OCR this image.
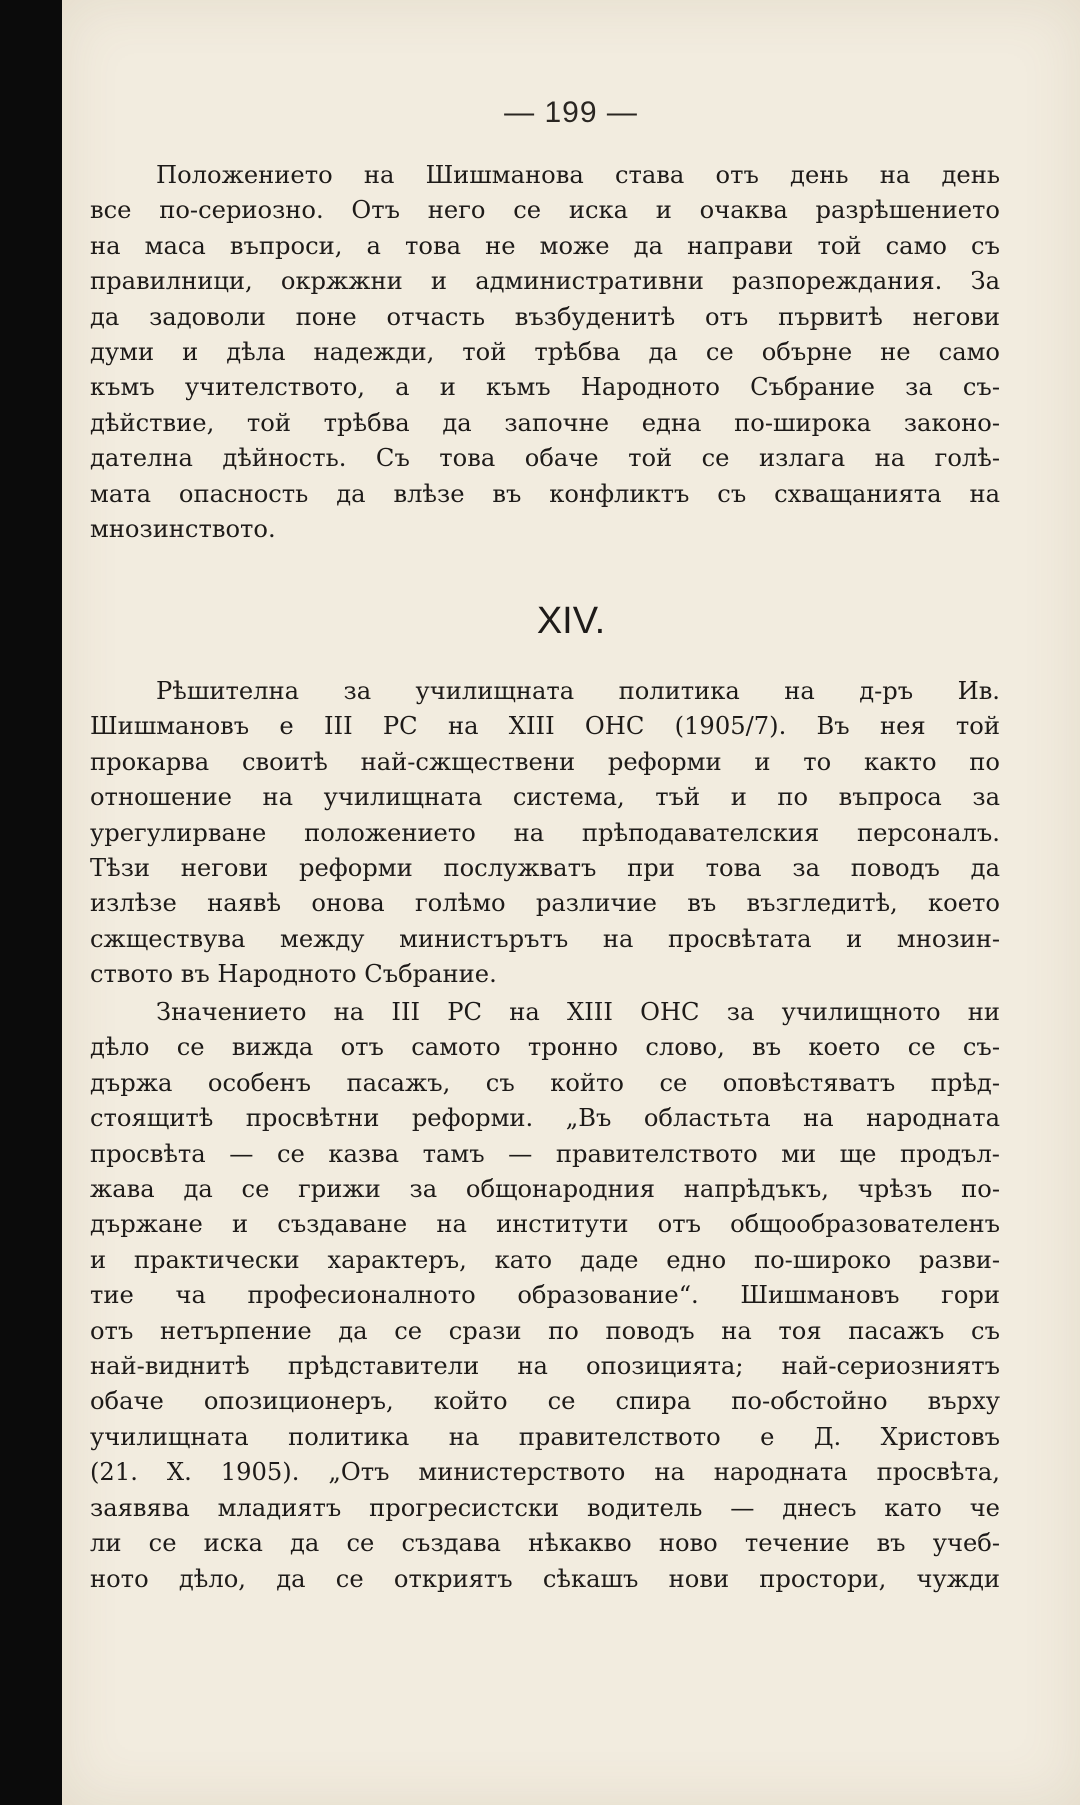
— 199 —
Положението на Шишманова става отъ день на день
все по-сериозно. Отъ него се иска и очаква разрѣшението
на маса въпроси, а това не може да направи той само съ
правилници, окржжни и административни разпореждания. За
да задоволи поне отчасть възбуденитѣ отъ първитѣ негови
думи и дѣла надежди, той трѣбва да се обърне не само
къмъ учителството, а и къмъ Народното Събрание за съ-
дѣйствие, той трѣбва да започне една по-широка законо-
дателна дѣйность. Съ това обаче той се излага на голѣ-
мата опасность да влѣзе въ конфликтъ съ схващанията на
мнозинството.
XIV.
Рѣшителна за училищната политика на д-ръ Ив.
Шишмановъ е III РС на XIII ОНС (1905/7). Въ нея той
прокарва своитѣ най-сжществени реформи и то както по
отношение на училищната система, тъй и по въпроса за
урегулирване положението на прѣподавателския персоналъ.
Тѣзи негови реформи послужватъ при това за поводъ да
излѣзе наявѣ онова голѣмо различие въ възгледитѣ, което
сжществува между министърътъ на просвѣтата и мнозин-
ството въ Народното Събрание.
Значението на III РС на XIII ОНС за училищното ни
дѣло се вижда отъ самото тронно слово, въ което се съ-
държа особенъ пасажъ, съ който се оповѣстяватъ прѣд-
стоящитѣ просвѣтни реформи. „Въ областьта на народната
просвѣта — се казва тамъ — правителството ми ще продъл-
жава да се грижи за общонародния напрѣдъкъ, чрѣзъ по-
държане и създаване на институти отъ общообразователенъ
и практически характеръ, като даде едно по-широко разви-
тие ча професионалното образование“. Шишмановъ гори
отъ нетърпение да се срази по поводъ на тоя пасажъ съ
най-виднитѣ прѣдставители на опозицията; най-сериозниятъ
обаче опозиционеръ, който се спира по-обстойно върху
училищната политика на правителството е Д. Христовъ
(21. X. 1905). „Отъ министерството на народната просвѣта,
заявява младиятъ прогресистски водитель — днесъ като че
ли се иска да се създава нѣкакво ново течение въ учеб-
ното дѣло, да се откриятъ сѣкашъ нови простори, чужди
